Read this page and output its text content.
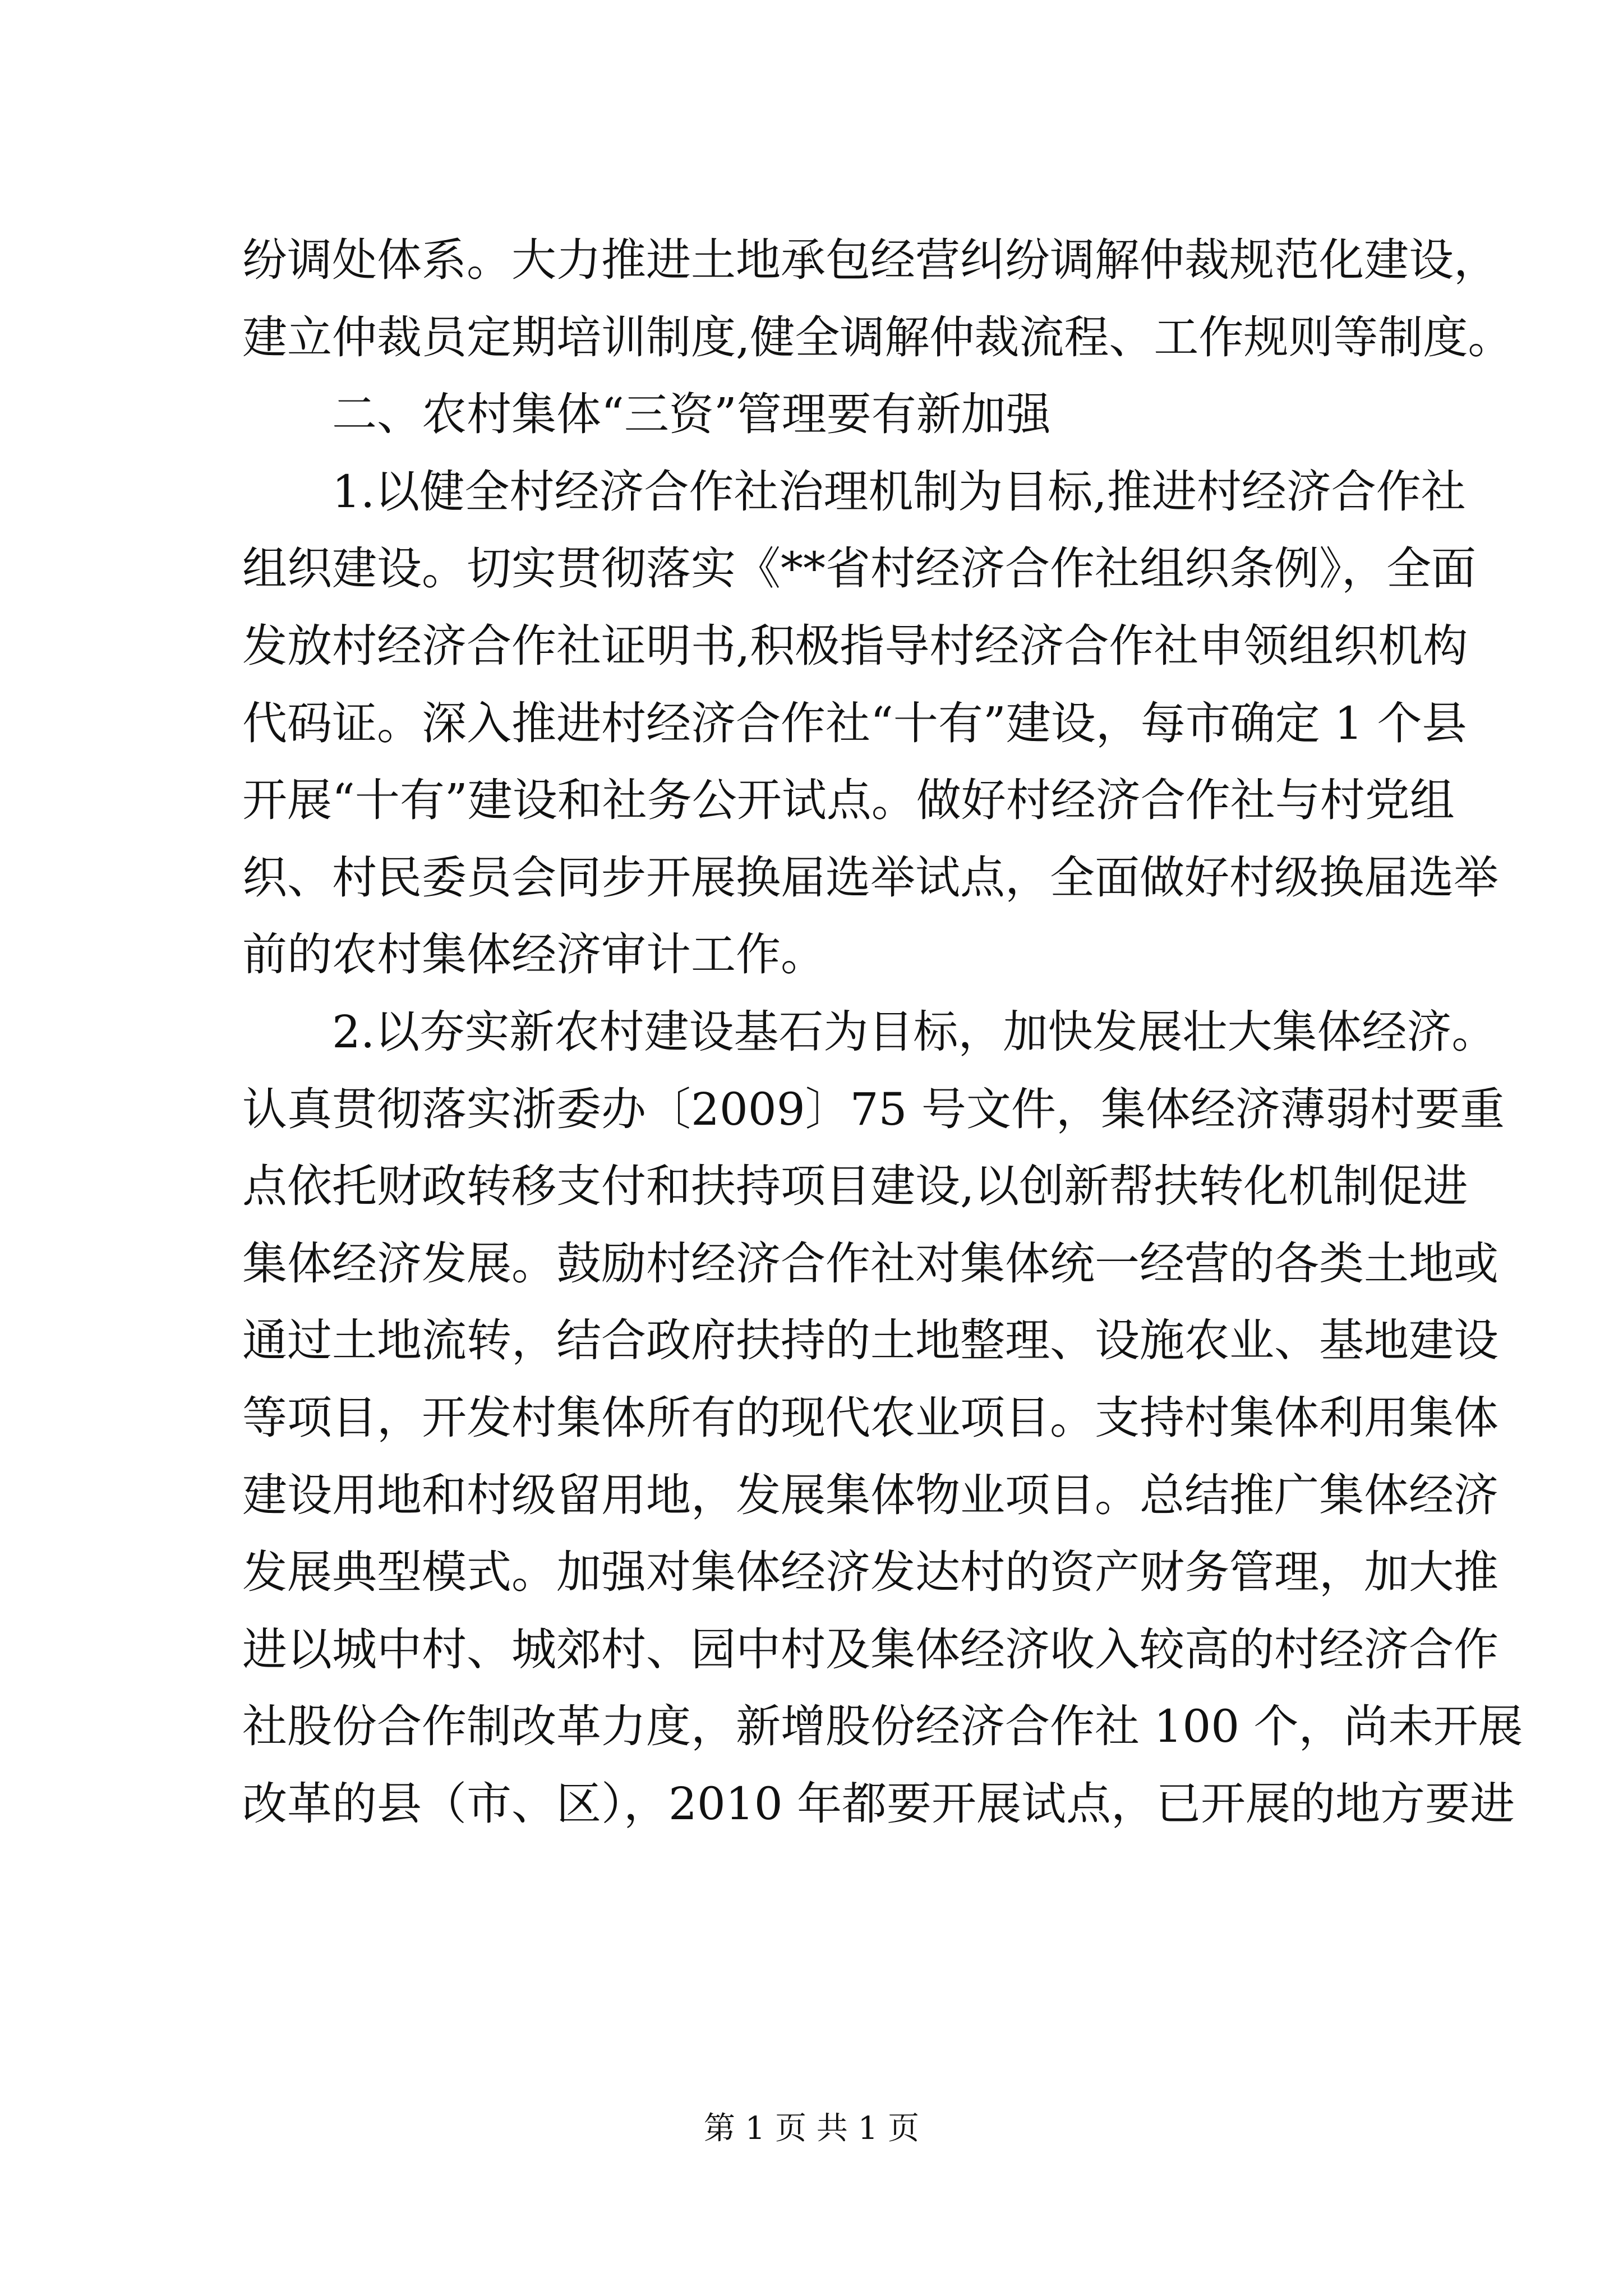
纷调处体系。大力推进土地承包经营纠纷调解仲裁规范化建设，
建立仲裁员定期培训制度,健全调解仲裁流程、工作规则等制度。
二、农村集体“三资”管理要有新加强
1.以健全村经济合作社治理机制为目标,推进村经济合作社
组织建设。切实贯彻落实《**省村经济合作社组织条例》，全面
发放村经济合作社证明书,积极指导村经济合作社申领组织机构
代码证。深入推进村经济合作社“十有”建设，每市确定 1 个县
开展“十有”建设和社务公开试点。做好村经济合作社与村党组
织、村民委员会同步开展换届选举试点，全面做好村级换届选举
前的农村集体经济审计工作。
2.以夯实新农村建设基石为目标，加快发展壮大集体经济。
认真贯彻落实浙委办〔2009〕75 号文件，集体经济薄弱村要重
点依托财政转移支付和扶持项目建设,以创新帮扶转化机制促进
集体经济发展。鼓励村经济合作社对集体统一经营的各类土地或
通过土地流转，结合政府扶持的土地整理、设施农业、基地建设
等项目，开发村集体所有的现代农业项目。支持村集体利用集体
建设用地和村级留用地，发展集体物业项目。总结推广集体经济
发展典型模式。加强对集体经济发达村的资产财务管理，加大推
进以城中村、城郊村、园中村及集体经济收入较高的村经济合作
社股份合作制改革力度，新增股份经济合作社 100 个，尚未开展
改革的县（市、区），2010 年都要开展试点，已开展的地方要进
第 1 页 共 1 页
